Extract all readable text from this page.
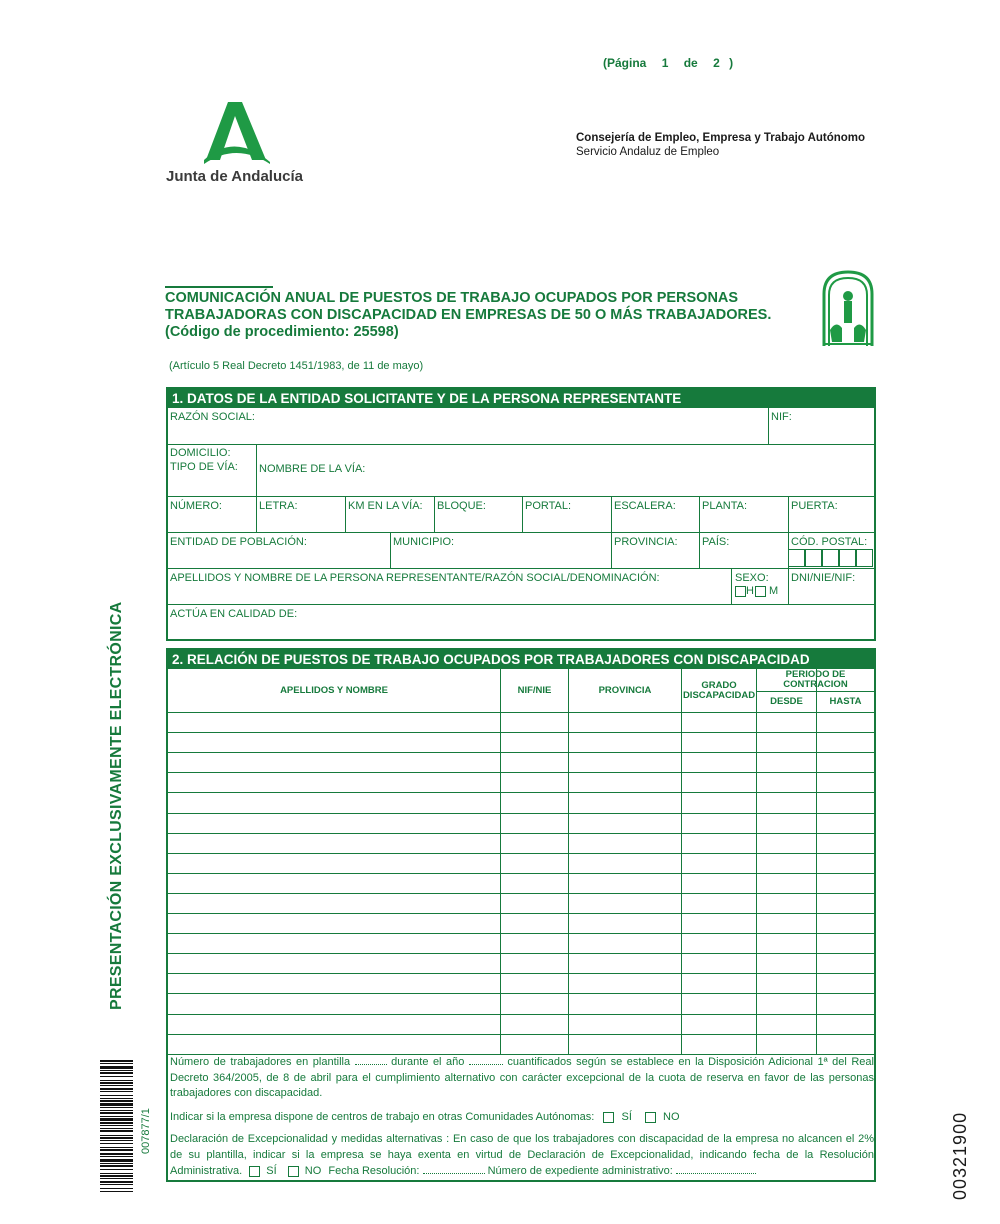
(Página 1 de 2 )
Junta de Andalucía
Consejería de Empleo, Empresa y Trabajo Autónomo
Servicio Andaluz de Empleo
COMUNICACIÓN ANUAL DE PUESTOS DE TRABAJO OCUPADOS POR PERSONAS
TRABAJADORAS CON DISCAPACIDAD EN EMPRESAS DE 50 O MÁS TRABAJADORES.
(Código de procedimiento: 25598)
(Artículo 5 Real Decreto 1451/1983, de 11 de mayo)
1. DATOS DE LA ENTIDAD SOLICITANTE Y DE LA PERSONA REPRESENTANTE
RAZÓN SOCIAL:	NIF:
DOMICILIO:
TIPO DE VÍA:	NOMBRE DE LA VÍA:
NÚMERO:	LETRA:	KM EN LA VÍA:	BLOQUE:	PORTAL:	ESCALERA:	PLANTA:	PUERTA:
ENTIDAD DE POBLACIÓN:	MUNICIPIO:	PROVINCIA:	PAÍS:	CÓD. POSTAL:
APELLIDOS Y NOMBRE DE LA PERSONA REPRESENTANTE/RAZÓN SOCIAL/DENOMINACIÓN:	SEXO:
H M
DNI/NIE/NIF:
ACTÚA EN CALIDAD DE:
2. RELACIÓN DE PUESTOS DE TRABAJO OCUPADOS POR TRABAJADORES CON DISCAPACIDAD
APELLIDOS Y NOMBRE	NIF/NIE	PROVINCIA	GRADO DISCAPACIDAD
PERIODO DE CONTRACION
DESDE	HASTA
Número de trabajadores en plantilla	durante el año	cuantificados según se establece en la Disposición Adicional 1ª del Real Decreto 364/2005, de 8 de abril para el cumplimiento alternativo con carácter excepcional de la cuota de reserva en favor de las personas trabajadores con discapacidad.
Indicar si la empresa dispone de centros de trabajo en otras Comunidades Autónomas: SÍ	NO
Declaración de Excepcionalidad y medidas alternativas : En caso de que los trabajadores con discapacidad de la empresa no alcancen el 2% de su plantilla, indicar si la empresa se haya exenta en virtud de Declaración de Excepcionalidad, indicando fecha de la Resolución Administrativa. SÍ	NO Fecha Resolución:	Número de expediente administrativo:
PRESENTACIÓN EXCLUSIVAMENTE ELECTRÓNICA
007877/1	00321900
